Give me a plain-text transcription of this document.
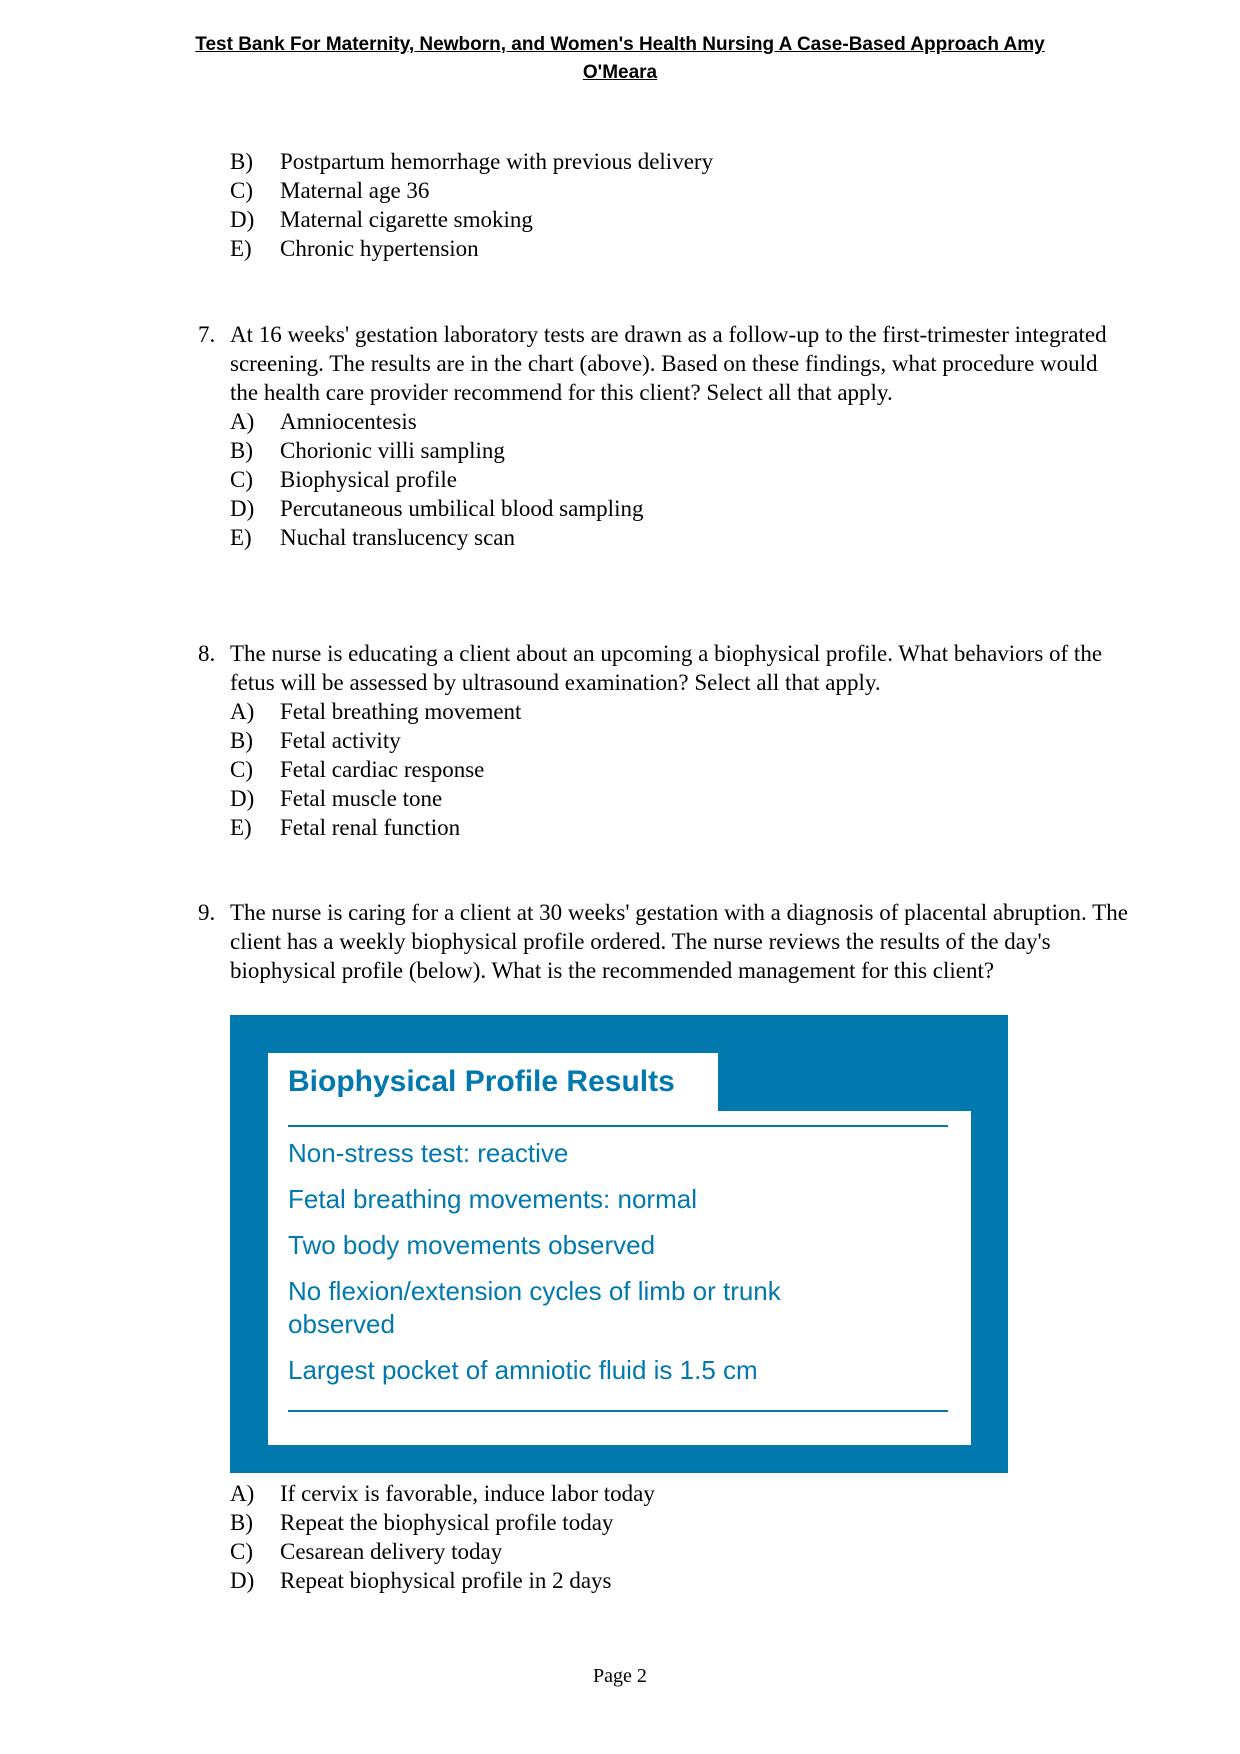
Test Bank For Maternity, Newborn, and Women's Health Nursing A Case-Based Approach Amy O'Meara
B) Postpartum hemorrhage with previous delivery
C) Maternal age 36
D) Maternal cigarette smoking
E) Chronic hypertension
7. At 16 weeks' gestation laboratory tests are drawn as a follow-up to the first-trimester integrated screening. The results are in the chart (above). Based on these findings, what procedure would the health care provider recommend for this client? Select all that apply.
A) Amniocentesis
B) Chorionic villi sampling
C) Biophysical profile
D) Percutaneous umbilical blood sampling
E) Nuchal translucency scan
8. The nurse is educating a client about an upcoming a biophysical profile. What behaviors of the fetus will be assessed by ultrasound examination? Select all that apply.
A) Fetal breathing movement
B) Fetal activity
C) Fetal cardiac response
D) Fetal muscle tone
E) Fetal renal function
9. The nurse is caring for a client at 30 weeks' gestation with a diagnosis of placental abruption. The client has a weekly biophysical profile ordered. The nurse reviews the results of the day's biophysical profile (below). What is the recommended management for this client?
Biophysical Profile Results
Non-stress test: reactive
Fetal breathing movements: normal
Two body movements observed
No flexion/extension cycles of limb or trunk observed
Largest pocket of amniotic fluid is 1.5 cm
A) If cervix is favorable, induce labor today
B) Repeat the biophysical profile today
C) Cesarean delivery today
D) Repeat biophysical profile in 2 days
Page 2
